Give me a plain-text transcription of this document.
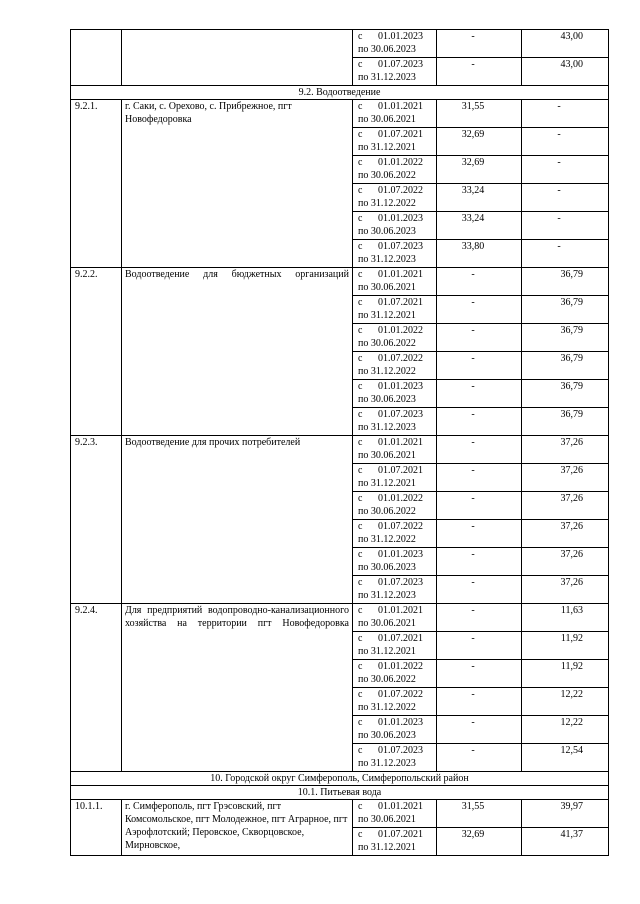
		с 01.01.2023
по 30.06.2023	-	43,00

		с 01.07.2023
по 31.12.2023	-	43,00
9.2. Водоотведение				
9.2.1.	г. Саки, с. Орехово, с. Прибрежное, пгт Новофедоровка	с 01.01.2021
по 30.06.2021	31,55	-

		с 01.07.2021
по 31.12.2021	32,69	-

		с 01.01.2022
по 30.06.2022	32,69	-

		с 01.07.2022
по 31.12.2022	33,24	-

		с 01.01.2023
по 30.06.2023	33,24	-

		с 01.07.2023
по 31.12.2023	33,80	-
9.2.2.	Водоотведение для бюджетных организаций	с 01.01.2021
по 30.06.2021	-	36,79

		с 01.07.2021
по 31.12.2021	-	36,79

		с 01.01.2022
по 30.06.2022	-	36,79

		с 01.07.2022
по 31.12.2022	-	36,79

		с 01.01.2023
по 30.06.2023	-	36,79

		с 01.07.2023
по 31.12.2023	-	36,79
9.2.3.	Водоотведение для прочих потребителей	с 01.01.2021
по 30.06.2021	-	37,26

		с 01.07.2021
по 31.12.2021	-	37,26

		с 01.01.2022
по 30.06.2022	-	37,26

		с 01.07.2022
по 31.12.2022	-	37,26

		с 01.01.2023
по 30.06.2023	-	37,26

		с 01.07.2023
по 31.12.2023	-	37,26
9.2.4.	Для предприятий водопроводно-канализационного хозяйства на территории пгт Новофедоровка	с 01.01.2021
по 30.06.2021	-	11,63

		с 01.07.2021
по 31.12.2021	-	11,92

		с 01.01.2022
по 30.06.2022	-	11,92

		с 01.07.2022
по 31.12.2022	-	12,22

		с 01.01.2023
по 30.06.2023	-	12,22

		с 01.07.2023
по 31.12.2023	-	12,54
10. Городской округ Симферополь, Симферопольский район				
10.1. Питьевая вода				
10.1.1.	г. Симферополь, пгт Грэсовский, пгт Комсомольское, пгт Молодежное, пгт Аграрное, пгт Аэрофлотский; Перовское, Скворцовское, Мирновское,	с 01.01.2021
по 30.06.2021	31,55	39,97

		с 01.07.2021
по 31.12.2021	32,69	41,37
